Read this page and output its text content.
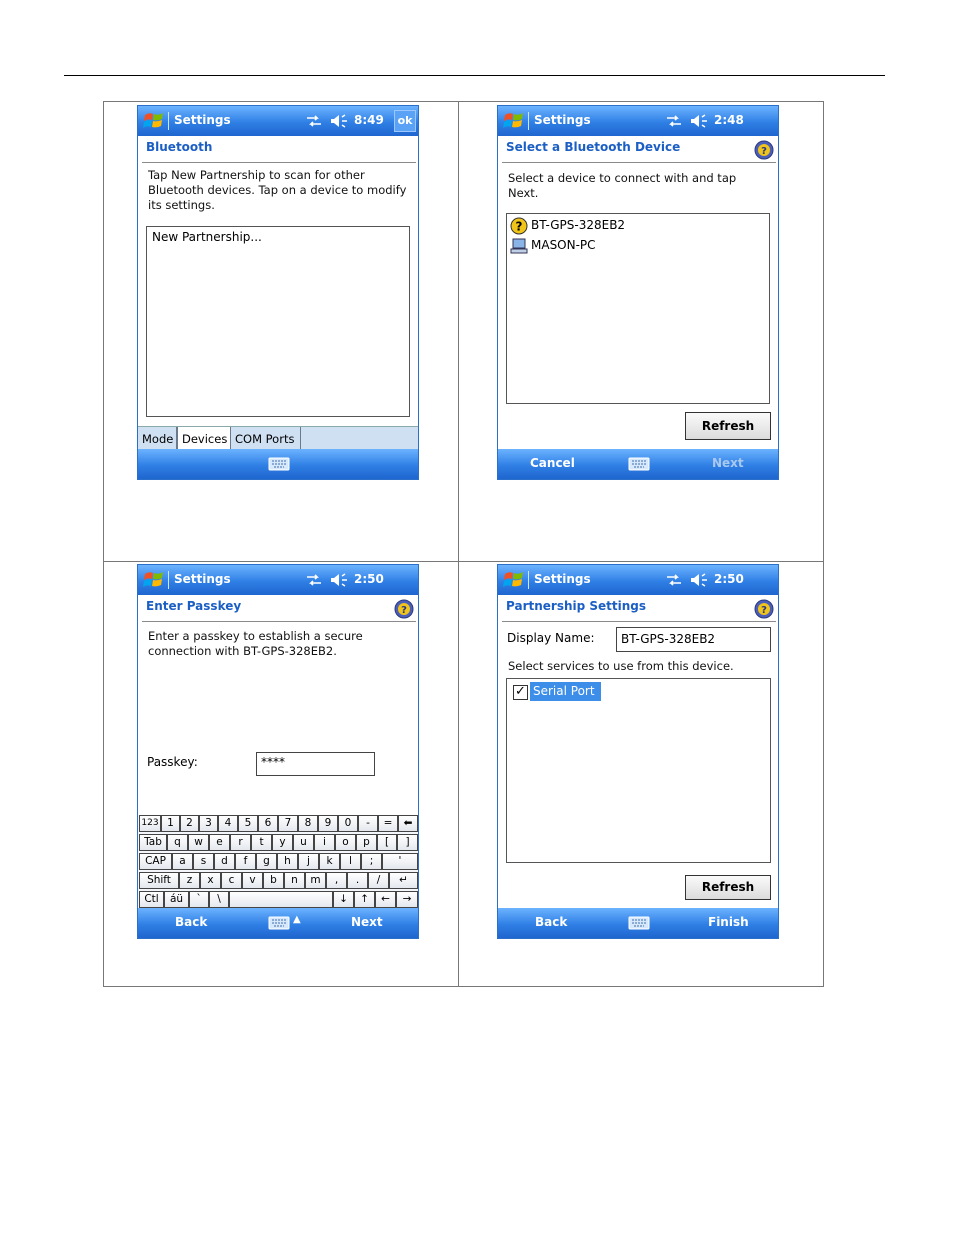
Settings	8:49	ok
Bluetooth
Tap New Partnership to scan for other Bluetooth devices. Tap on a device to modify its settings.
New Partnership...
Mode Devices COM Ports
Settings	2:48
Select a Bluetooth Device
Select a device to connect with and tap Next.
? BT-GPS-328EB2
MASON-PC
Refresh
Cancel	Next
Settings	2:50
Enter Passkey
Enter a passkey to establish a secure connection with BT-GPS-328EB2.
Passkey:	****
123 1	2	3	4	5	6	7	8	9	0	-	=	⬅
Tab	q	w	e	r	t	y	u	i	o	p	[	]
CAP	a	s	d	f	g	h	j	k	l	;	'
Shift	z	x	c	v	b	n	m	,	.	/	↵
Ctl	áü	`	\	↓	↑	←	→
Back	▲	Next
Settings	2:50
Partnership Settings
Display Name:	BT-GPS-328EB2
Select services to use from this device.
✓ Serial Port
Refresh
Back	Finish
